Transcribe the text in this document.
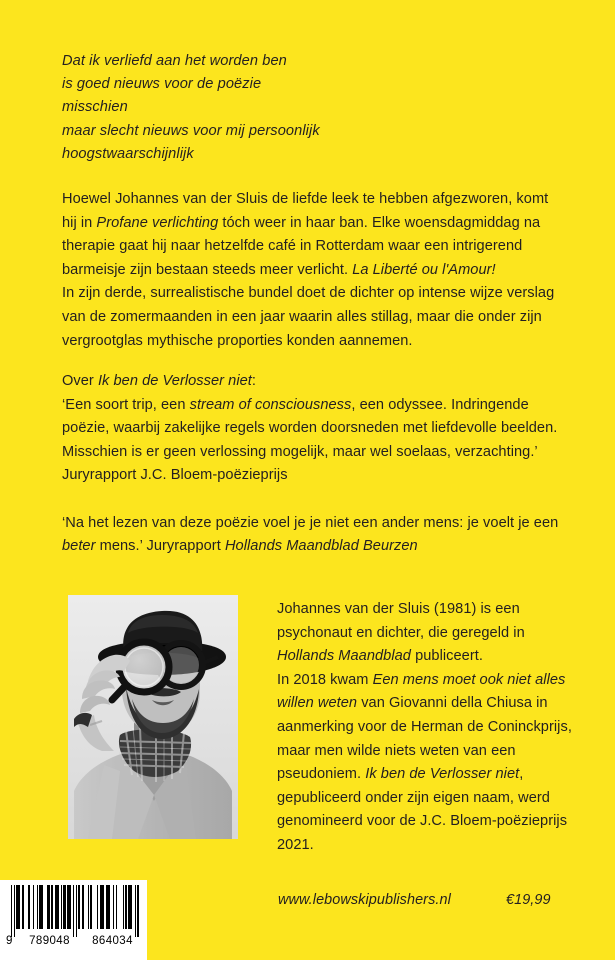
Dat ik verliefd aan het worden ben
is goed nieuws voor de poëzie
misschien
maar slecht nieuws voor mij persoonlijk
hoogstwaarschijnlijk

Hoewel Johannes van der Sluis de liefde leek te hebben afgezworen, komt hij in Profane verlichting tóch weer in haar ban. Elke woensdagmiddag na therapie gaat hij naar hetzelfde café in Rotterdam waar een intrigerend barmeisje zijn bestaan steeds meer verlicht. La Liberté ou l'Amour!

In zijn derde, surrealistische bundel doet de dichter op intense wijze verslag van de zomermaanden in een jaar waarin alles stillag, maar die onder zijn vergrootglas mythische proporties konden aannemen.

Over Ik ben de Verlosser niet:

‘Een soort trip, een stream of consciousness, een odyssee. Indringende poëzie, waarbij zakelijke regels worden doorsneden met liefdevolle beelden. Misschien is er geen verlossing mogelijk, maar wel soelaas, verzachting.’ Juryrapport J.C. Bloem-poëzieprijs

‘Na het lezen van deze poëzie voel je je niet een ander mens: je voelt je een beter mens.’ Juryrapport Hollands Maandblad Beurzen

Johannes van der Sluis (1981) is een psychonaut en dichter, die geregeld in Hollands Maandblad publiceert.
In 2018 kwam Een mens moet ook niet alles willen weten van Giovanni della Chiusa in aanmerking voor de Herman de Coninckprijs, maar men wilde niets weten van een pseudoniem. Ik ben de Verlosser niet, gepubliceerd onder zijn eigen naam, werd genomineerd voor de J.C. Bloem-poëzieprijs 2021.

9	789048	864034
www.lebowskipublishers.nl	€19,99
